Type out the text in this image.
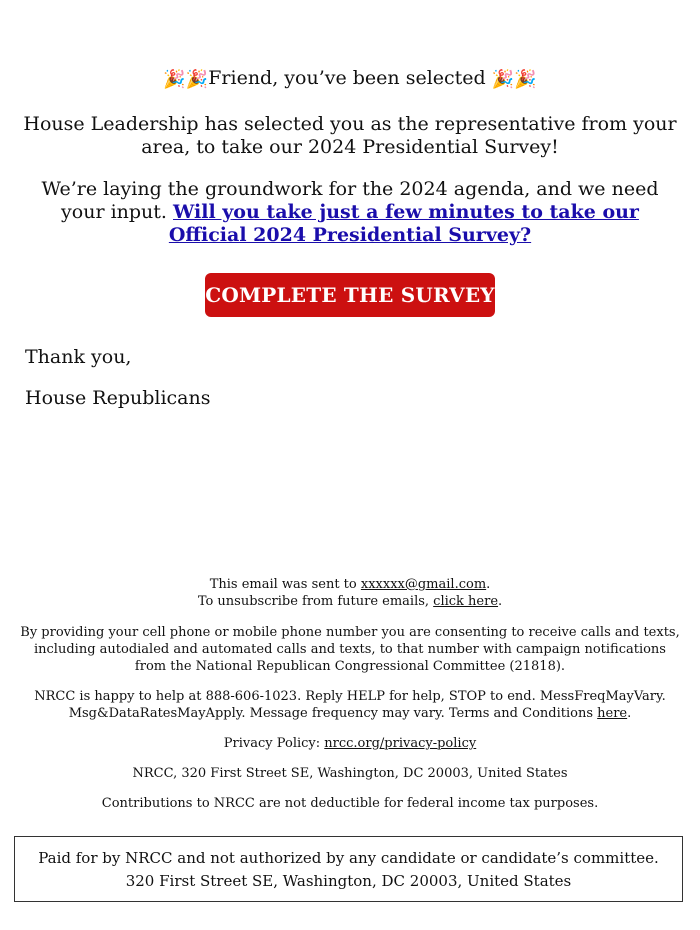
🎉🎉Friend, you’ve been selected 🎉🎉
House Leadership has selected you as the representative from your area, to take our 2024 Presidential Survey!
We’re laying the groundwork for the 2024 agenda, and we need your input. Will you take just a few minutes to take our Official 2024 Presidential Survey?
COMPLETE THE SURVEY
Thank you,
House Republicans

This email was sent to xxxxxx@gmail.com.

To unsubscribe from future emails, click here.

By providing your cell phone or mobile phone number you are consenting to receive calls and texts, including autodialed and automated calls and texts, to that number with campaign notifications from the National Republican Congressional Committee (21818).

NRCC is happy to help at 888-606-1023. Reply HELP for help, STOP to end. MessFreqMayVary. Msg&DataRatesMayApply. Message frequency may vary. Terms and Conditions here.

Privacy Policy: nrcc.org/privacy-policy

NRCC, 320 First Street SE, Washington, DC 20003, United States

Contributions to NRCC are not deductible for federal income tax purposes.

Paid for by NRCC and not authorized by any candidate or candidate’s committee. 320 First Street SE, Washington, DC 20003, United States
